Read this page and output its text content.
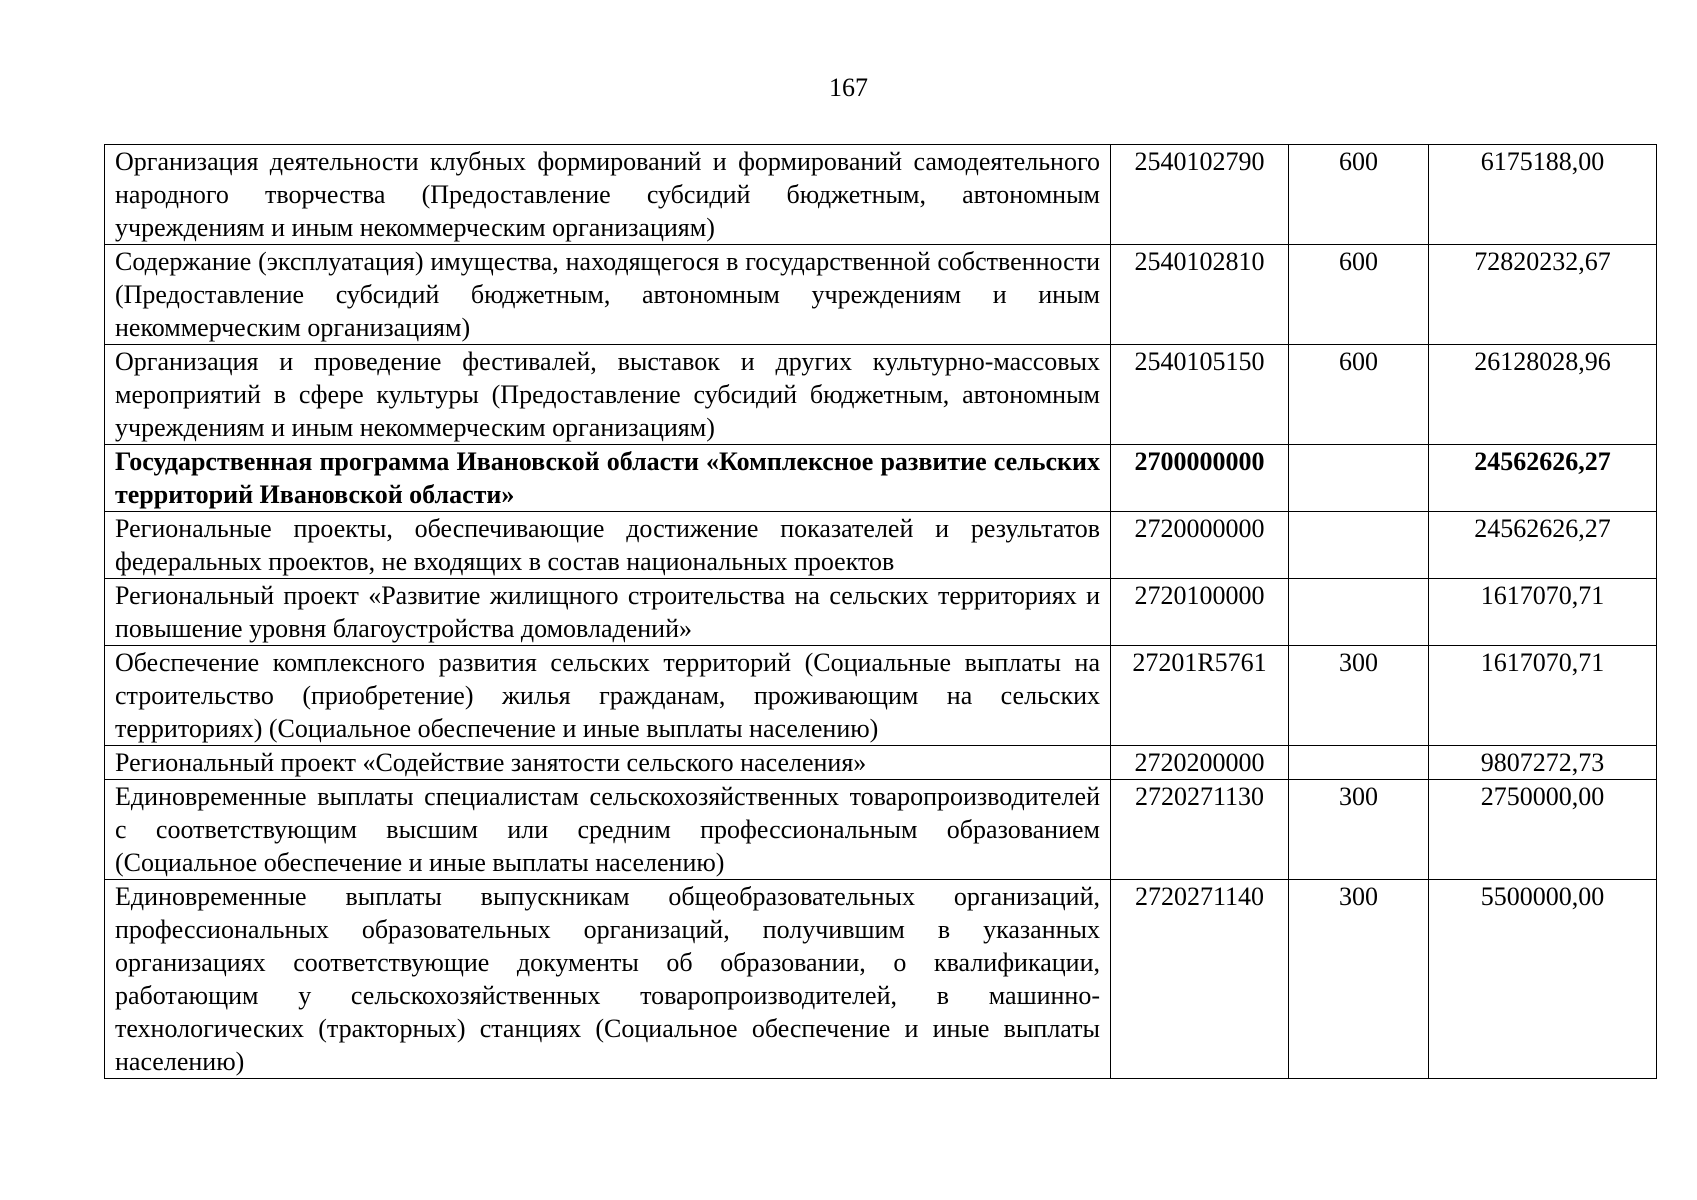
167
Организация деятельности клубных формирований и формирований самодеятельного народного творчества (Предоставление субсидий бюджетным, автономным учреждениям и иным некоммерческим организациям)	2540102790	600	6175188,00
Содержание (эксплуатация) имущества, находящегося в государственной собственности (Предоставление субсидий бюджетным, автономным учреждениям и иным некоммерческим организациям)	2540102810	600	72820232,67
Организация и проведение фестивалей, выставок и других культурно-массовых мероприятий в сфере культуры (Предоставление субсидий бюджетным, автономным учреждениям и иным некоммерческим организациям)	2540105150	600	26128028,96
Государственная программа Ивановской области «Комплексное развитие сельских территорий Ивановской области»	2700000000		24562626,27
Региональные проекты, обеспечивающие достижение показателей и результатов федеральных проектов, не входящих в состав национальных проектов	2720000000		24562626,27
Региональный проект «Развитие жилищного строительства на сельских территориях и повышение уровня благоустройства домовладений»	2720100000		1617070,71
Обеспечение комплексного развития сельских территорий (Социальные выплаты на строительство (приобретение) жилья гражданам, проживающим на сельских территориях) (Социальное обеспечение и иные выплаты населению)	27201R5761	300	1617070,71
Региональный проект «Содействие занятости сельского населения»	2720200000		9807272,73
Единовременные выплаты специалистам сельскохозяйственных товаропроизводителей с соответствующим высшим или средним профессиональным образованием (Социальное обеспечение и иные выплаты населению)	2720271130	300	2750000,00
Единовременные выплаты выпускникам общеобразовательных организаций, профессиональных образовательных организаций, получившим в указанных организациях соответствующие документы об образовании, о квалификации, работающим у сельскохозяйственных товаропроизводителей, в машинно-технологических (тракторных) станциях (Социальное обеспечение и иные выплаты населению)	2720271140	300	5500000,00
